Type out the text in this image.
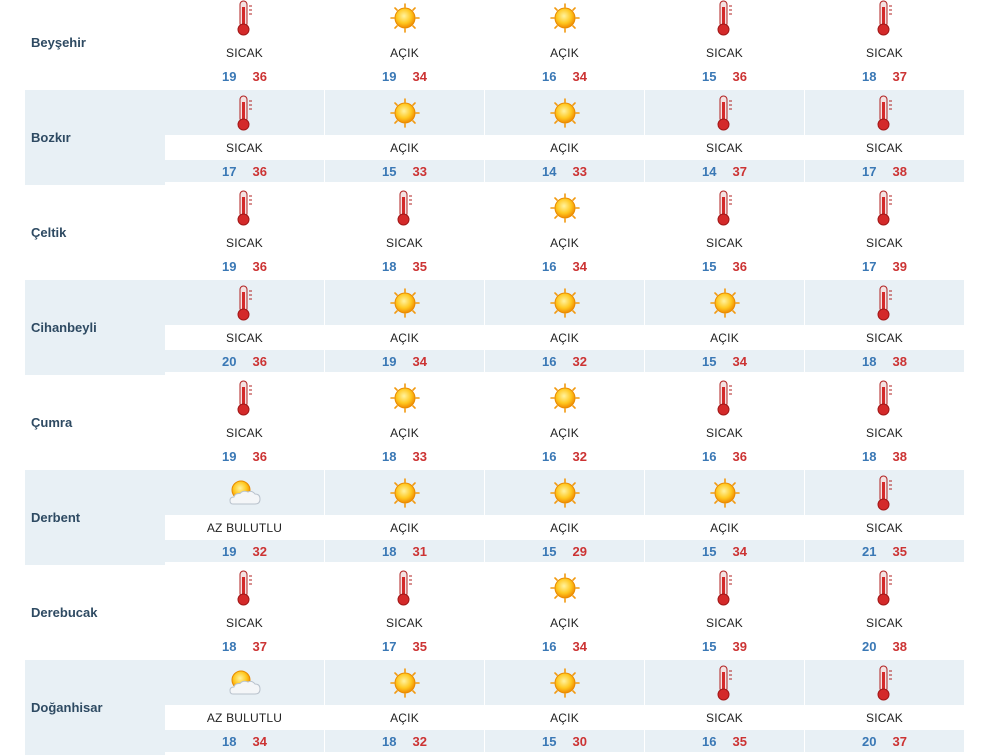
Beyşehir
SICAK
19 36
AÇIK
19 34
AÇIK
16 34
SICAK
15 36
SICAK
18 37
Bozkır
SICAK
17 36
AÇIK
15 33
AÇIK
14 33
SICAK
14 37
SICAK
17 38
Çeltik
SICAK
19 36
SICAK
18 35
AÇIK
16 34
SICAK
15 36
SICAK
17 39
Cihanbeyli
SICAK
20 36
AÇIK
19 34
AÇIK
16 32
AÇIK
15 34
SICAK
18 38
Çumra
SICAK
19 36
AÇIK
18 33
AÇIK
16 32
SICAK
16 36
SICAK
18 38
Derbent
AZ BULUTLU
19 32
AÇIK
18 31
AÇIK
15 29
AÇIK
15 34
SICAK
21 35
Derebucak
SICAK
18 37
SICAK
17 35
AÇIK
16 34
SICAK
15 39
SICAK
20 38
Doğanhisar
AZ BULUTLU
18 34
AÇIK
18 32
AÇIK
15 30
SICAK
16 35
SICAK
20 37
